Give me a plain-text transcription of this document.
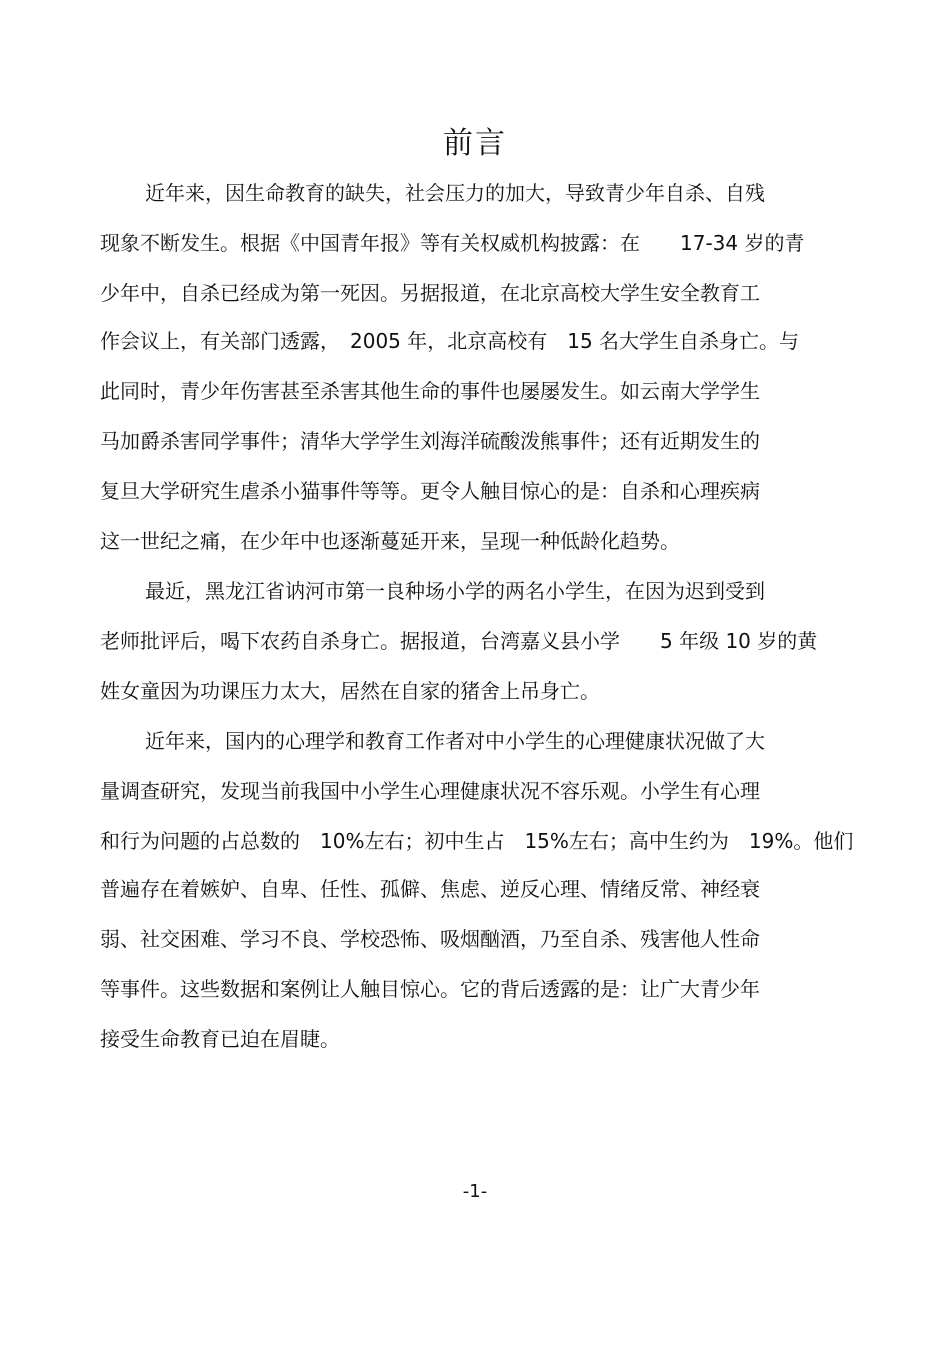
前言
近年来，因生命教育的缺失，社会压力的加大，导致青少年自杀、自残
现象不断发生。根据《中国青年报》等有关权威机构披露：在　　17-34 岁的青
少年中，自杀已经成为第一死因。另据报道，在北京高校大学生安全教育工
作会议上，有关部门透露，　2005 年，北京高校有　15 名大学生自杀身亡。与
此同时，青少年伤害甚至杀害其他生命的事件也屡屡发生。如云南大学学生
马加爵杀害同学事件；清华大学学生刘海洋硫酸泼熊事件；还有近期发生的
复旦大学研究生虐杀小猫事件等等。更令人触目惊心的是：自杀和心理疾病
这一世纪之痛，在少年中也逐渐蔓延开来，呈现一种低龄化趋势。
最近，黑龙江省讷河市第一良种场小学的两名小学生，在因为迟到受到
老师批评后，喝下农药自杀身亡。据报道，台湾嘉义县小学　　5 年级 10 岁的黄
姓女童因为功课压力太大，居然在自家的猪舍上吊身亡。
近年来，国内的心理学和教育工作者对中小学生的心理健康状况做了大
量调查研究，发现当前我国中小学生心理健康状况不容乐观。小学生有心理
和行为问题的占总数的　10%左右；初中生占　15%左右；高中生约为　19%。他们
普遍存在着嫉妒、自卑、任性、孤僻、焦虑、逆反心理、情绪反常、神经衰
弱、社交困难、学习不良、学校恐怖、吸烟酗酒，乃至自杀、残害他人性命
等事件。这些数据和案例让人触目惊心。它的背后透露的是：让广大青少年
接受生命教育已迫在眉睫。
-1-
